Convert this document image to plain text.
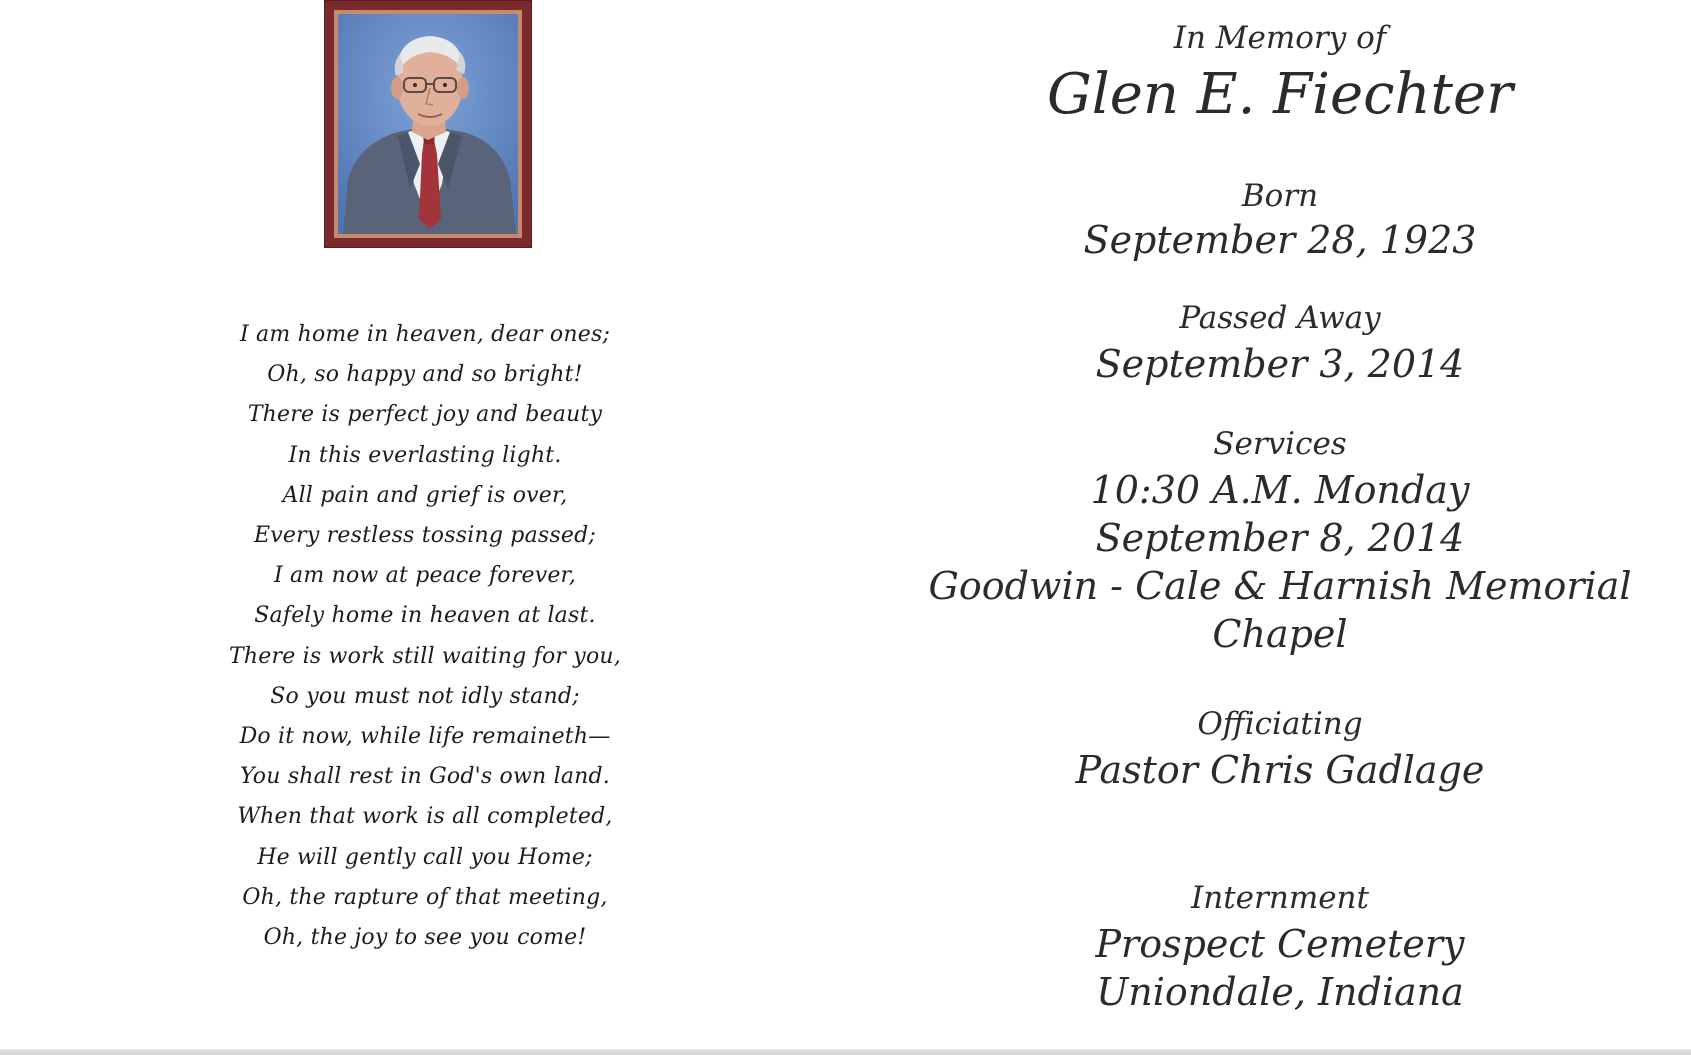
I am home in heaven, dear ones;
Oh, so happy and so bright!
There is perfect joy and beauty
In this everlasting light.
All pain and grief is over,
Every restless tossing passed;
I am now at peace forever,
Safely home in heaven at last.
There is work still waiting for you,
So you must not idly stand;
Do it now, while life remaineth—
You shall rest in God's own land.
When that work is all completed,
He will gently call you Home;
Oh, the rapture of that meeting,
Oh, the joy to see you come!
In Memory of
Glen E. Fiechter
Born
September 28, 1923
Passed Away
September 3, 2014
Services
10:30 A.M. Monday
September 8, 2014
Goodwin - Cale & Harnish Memorial
Chapel
Officiating
Pastor Chris Gadlage
Internment
Prospect Cemetery
Uniondale, Indiana
